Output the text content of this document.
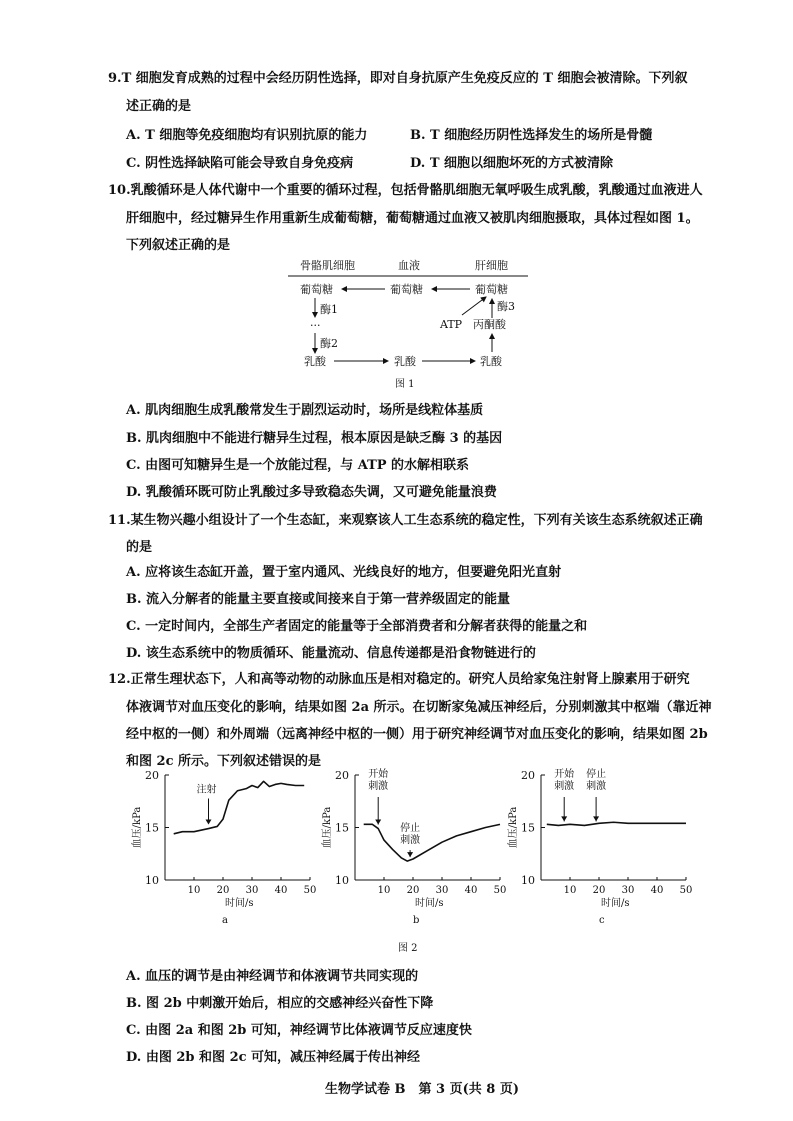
9.T 细胞发育成熟的过程中会经历阴性选择，即对自身抗原产生免疫反应的 T 细胞会被清除。下列叙
述正确的是
A. T 细胞等免疫细胞均有识别抗原的能力	B. T 细胞经历阴性选择发生的场所是骨髓
C. 阴性选择缺陷可能会导致自身免疫病	D. T 细胞以细胞坏死的方式被清除
10.乳酸循环是人体代谢中一个重要的循环过程，包括骨骼肌细胞无氧呼吸生成乳酸，乳酸通过血液进人
肝细胞中，经过糖异生作用重新生成葡萄糖，葡萄糖通过血液又被肌肉细胞摄取，具体过程如图 1。
下列叙述正确的是
骨骼肌细胞	血液	肝细胞
葡萄糖	葡萄糖	葡萄糖
酶1
···
酶2
酶3
ATP 丙酮酸
乳酸	乳酸	乳酸
图 1
A. 肌肉细胞生成乳酸常发生于剧烈运动时，场所是线粒体基质
B. 肌肉细胞中不能进行糖异生过程，根本原因是缺乏酶 3 的基因
C. 由图可知糖异生是一个放能过程，与 ATP 的水解相联系
D. 乳酸循环既可防止乳酸过多导致稳态失调，又可避免能量浪费
11.某生物兴趣小组设计了一个生态缸，来观察该人工生态系统的稳定性，下列有关该生态系统叙述正确
的是
A. 应将该生态缸开盖，置于室内通风、光线良好的地方，但要避免阳光直射
B. 流入分解者的能量主要直接或间接来自于第一营养级固定的能量
C. 一定时间内，全部生产者固定的能量等于全部消费者和分解者获得的能量之和
D. 该生态系统中的物质循环、能量流动、信息传递都是沿食物链进行的
12.正常生理状态下，人和高等动物的动脉血压是相对稳定的。研究人员给家兔注射肾上腺素用于研究
体液调节对血压变化的影响，结果如图 2a 所示。在切断家兔减压神经后，分别刺激其中枢端（靠近神
经中枢的一侧）和外周端（远离神经中枢的一侧）用于研究神经调节对血压变化的影响，结果如图 2b
和图 2c 所示。下列叙述错误的是
10
15
20
10 20 30 40 50
时间/s
血压/kPa
注射
10
15
20
10 20 30 40 50
时间/s
血压/kPa
开始
刺激
停止
刺激
10
15
20
10 20 30 40 50
时间/s
血压/kPa
开始
刺激
停止
刺激
a	b	c
图 2
A. 血压的调节是由神经调节和体液调节共同实现的
B. 图 2b 中刺激开始后，相应的交感神经兴奋性下降
C. 由图 2a 和图 2b 可知，神经调节比体液调节反应速度快
D. 由图 2b 和图 2c 可知，减压神经属于传出神经
生物学试卷 B　第 3 页(共 8 页)
